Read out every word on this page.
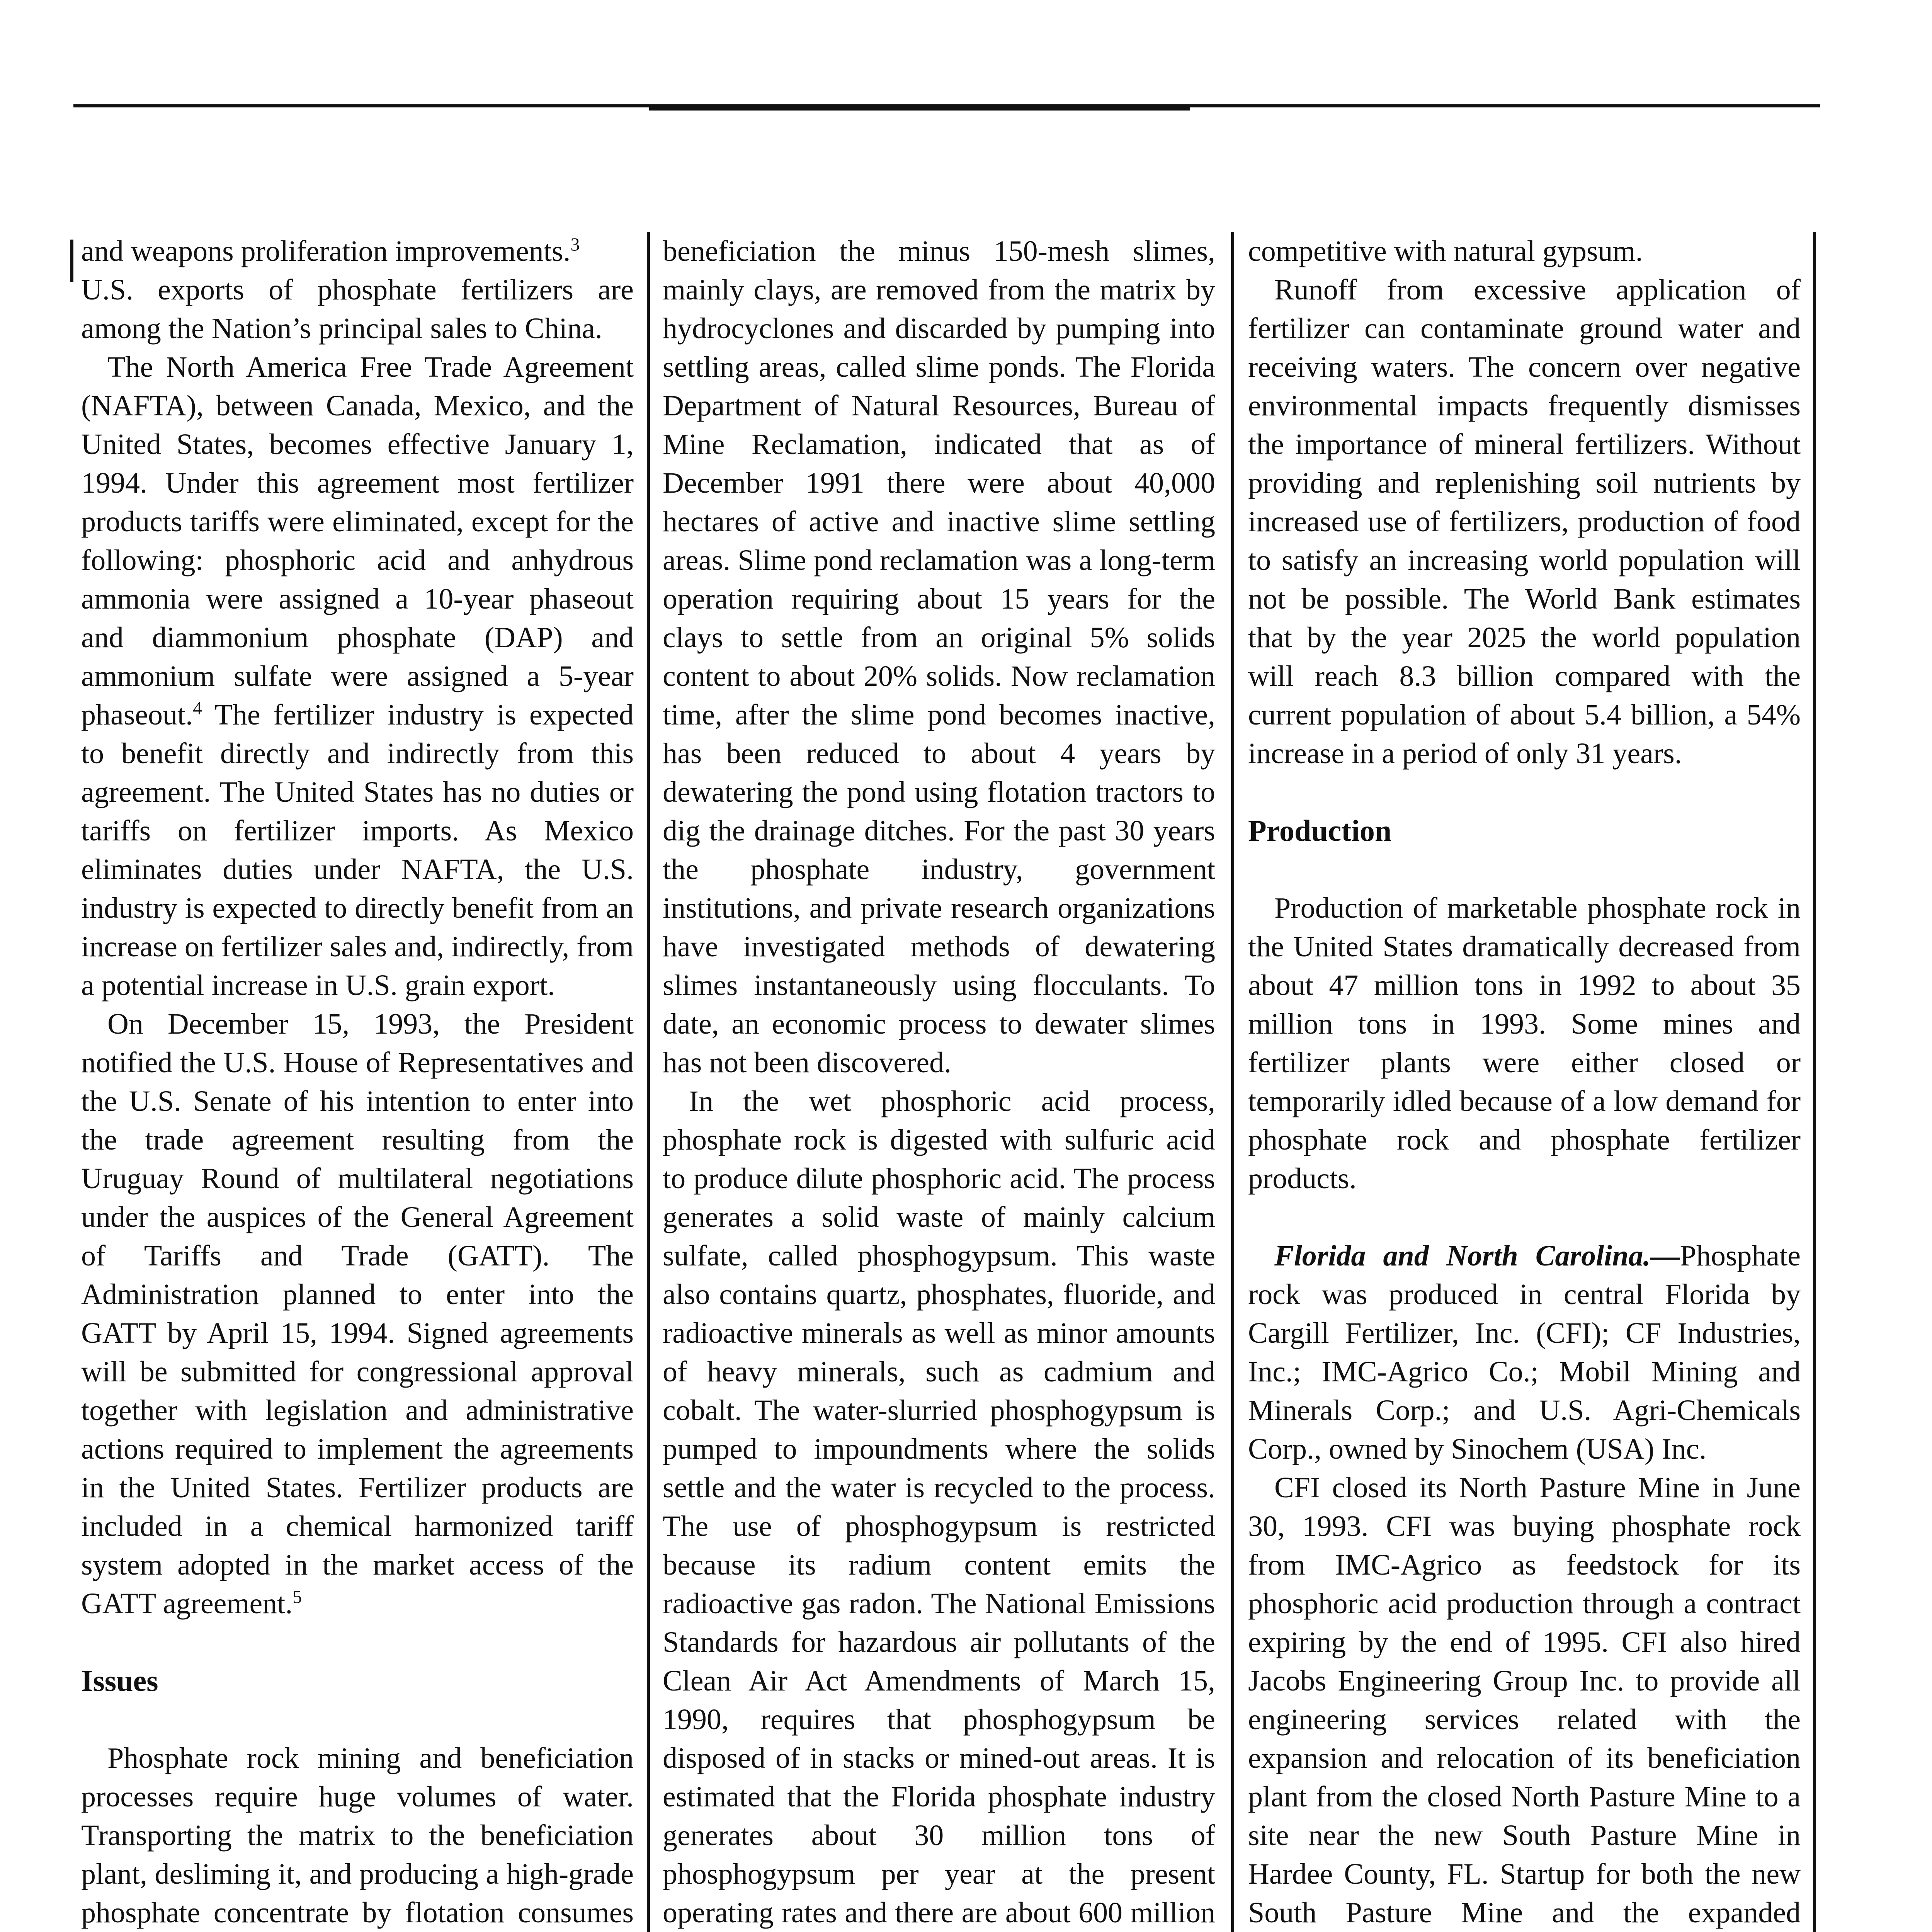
and weapons proliferation improvements.$^3$

U.S. exports of phosphate fertilizers are among the Nation’s principal sales to China.

The North America Free Trade Agreement (NAFTA), between Canada, Mexico, and the United States, becomes effective January 1, 1994. Under this agreement most fertilizer products tariffs were eliminated, except for the following: phosphoric acid and anhydrous ammonia were assigned a 10-year phaseout and diammonium phosphate (DAP) and ammonium sulfate were assigned a 5-year phaseout.$^4$ The fertilizer industry is expected to benefit directly and indirectly from this agreement. The United States has no duties or tariffs on fertilizer imports. As Mexico eliminates duties under NAFTA, the U.S. industry is expected to directly benefit from an increase on fertilizer sales and, indirectly, from a potential increase in U.S. grain export.

On December 15, 1993, the President notified the U.S. House of Representatives and the U.S. Senate of his intention to enter into the trade agreement resulting from the Uruguay Round of multilateral negotiations under the auspices of the General Agreement of Tariffs and Trade (GATT). The Administration planned to enter into the GATT by April 15, 1994. Signed agreements will be submitted for congressional approval together with legislation and administrative actions required to implement the agreements in the United States. Fertilizer products are included in a chemical harmonized tariff system adopted in the market access of the GATT agreement.$^5$

Issues

Phosphate rock mining and beneficiation processes require huge volumes of water. Transporting the matrix to the beneficiation plant, desliming it, and producing a high-grade phosphate concentrate by flotation consumes

beneficiation the minus 150-mesh slimes, mainly clays, are removed from the matrix by hydrocyclones and discarded by pumping into settling areas, called slime ponds. The Florida Department of Natural Resources, Bureau of Mine Reclamation, indicated that as of December 1991 there were about 40,000 hectares of active and inactive slime settling areas. Slime pond reclamation was a long-term operation requiring about 15 years for the clays to settle from an original 5% solids content to about 20% solids. Now reclamation time, after the slime pond becomes inactive, has been reduced to about 4 years by dewatering the pond using flotation tractors to dig the drainage ditches. For the past 30 years the phosphate industry, government institutions, and private research organizations have investigated methods of dewatering slimes instantaneously using flocculants. To date, an economic process to dewater slimes has not been discovered.

In the wet phosphoric acid process, phosphate rock is digested with sulfuric acid to produce dilute phosphoric acid. The process generates a solid waste of mainly calcium sulfate, called phosphogypsum. This waste also contains quartz, phosphates, fluoride, and radioactive minerals as well as minor amounts of heavy minerals, such as cadmium and cobalt. The water-slurried phosphogypsum is pumped to impoundments where the solids settle and the water is recycled to the process. The use of phosphogypsum is restricted because its radium content emits the radioactive gas radon. The National Emissions Standards for hazardous air pollutants of the Clean Air Act Amendments of March 15, 1990, requires that phosphogypsum be disposed of in stacks or mined-out areas. It is estimated that the Florida phosphate industry generates about 30 million tons of phosphogypsum per year at the present operating rates and there are about 600 million

competitive with natural gypsum.

Runoff from excessive application of fertilizer can contaminate ground water and receiving waters. The concern over negative environmental impacts frequently dismisses the importance of mineral fertilizers. Without providing and replenishing soil nutrients by increased use of fertilizers, production of food to satisfy an increasing world population will not be possible. The World Bank estimates that by the year 2025 the world population will reach 8.3 billion compared with the current population of about 5.4 billion, a 54% increase in a period of only 31 years.

Production

Production of marketable phosphate rock in the United States dramatically decreased from about 47 million tons in 1992 to about 35 million tons in 1993. Some mines and fertilizer plants were either closed or temporarily idled because of a low demand for phosphate rock and phosphate fertilizer products.

Florida and North Carolina.—Phosphate rock was produced in central Florida by Cargill Fertilizer, Inc. (CFI); CF Industries, Inc.; IMC-Agrico Co.; Mobil Mining and Minerals Corp.; and U.S. Agri-Chemicals Corp., owned by Sinochem (USA) Inc.

CFI closed its North Pasture Mine in June 30, 1993. CFI was buying phosphate rock from IMC-Agrico as feedstock for its phosphoric acid production through a contract expiring by the end of 1995. CFI also hired Jacobs Engineering Group Inc. to provide all engineering services related with the expansion and relocation of its beneficiation plant from the closed North Pasture Mine to a site near the new South Pasture Mine in Hardee County, FL. Startup for both the new South Pasture Mine and the expanded
